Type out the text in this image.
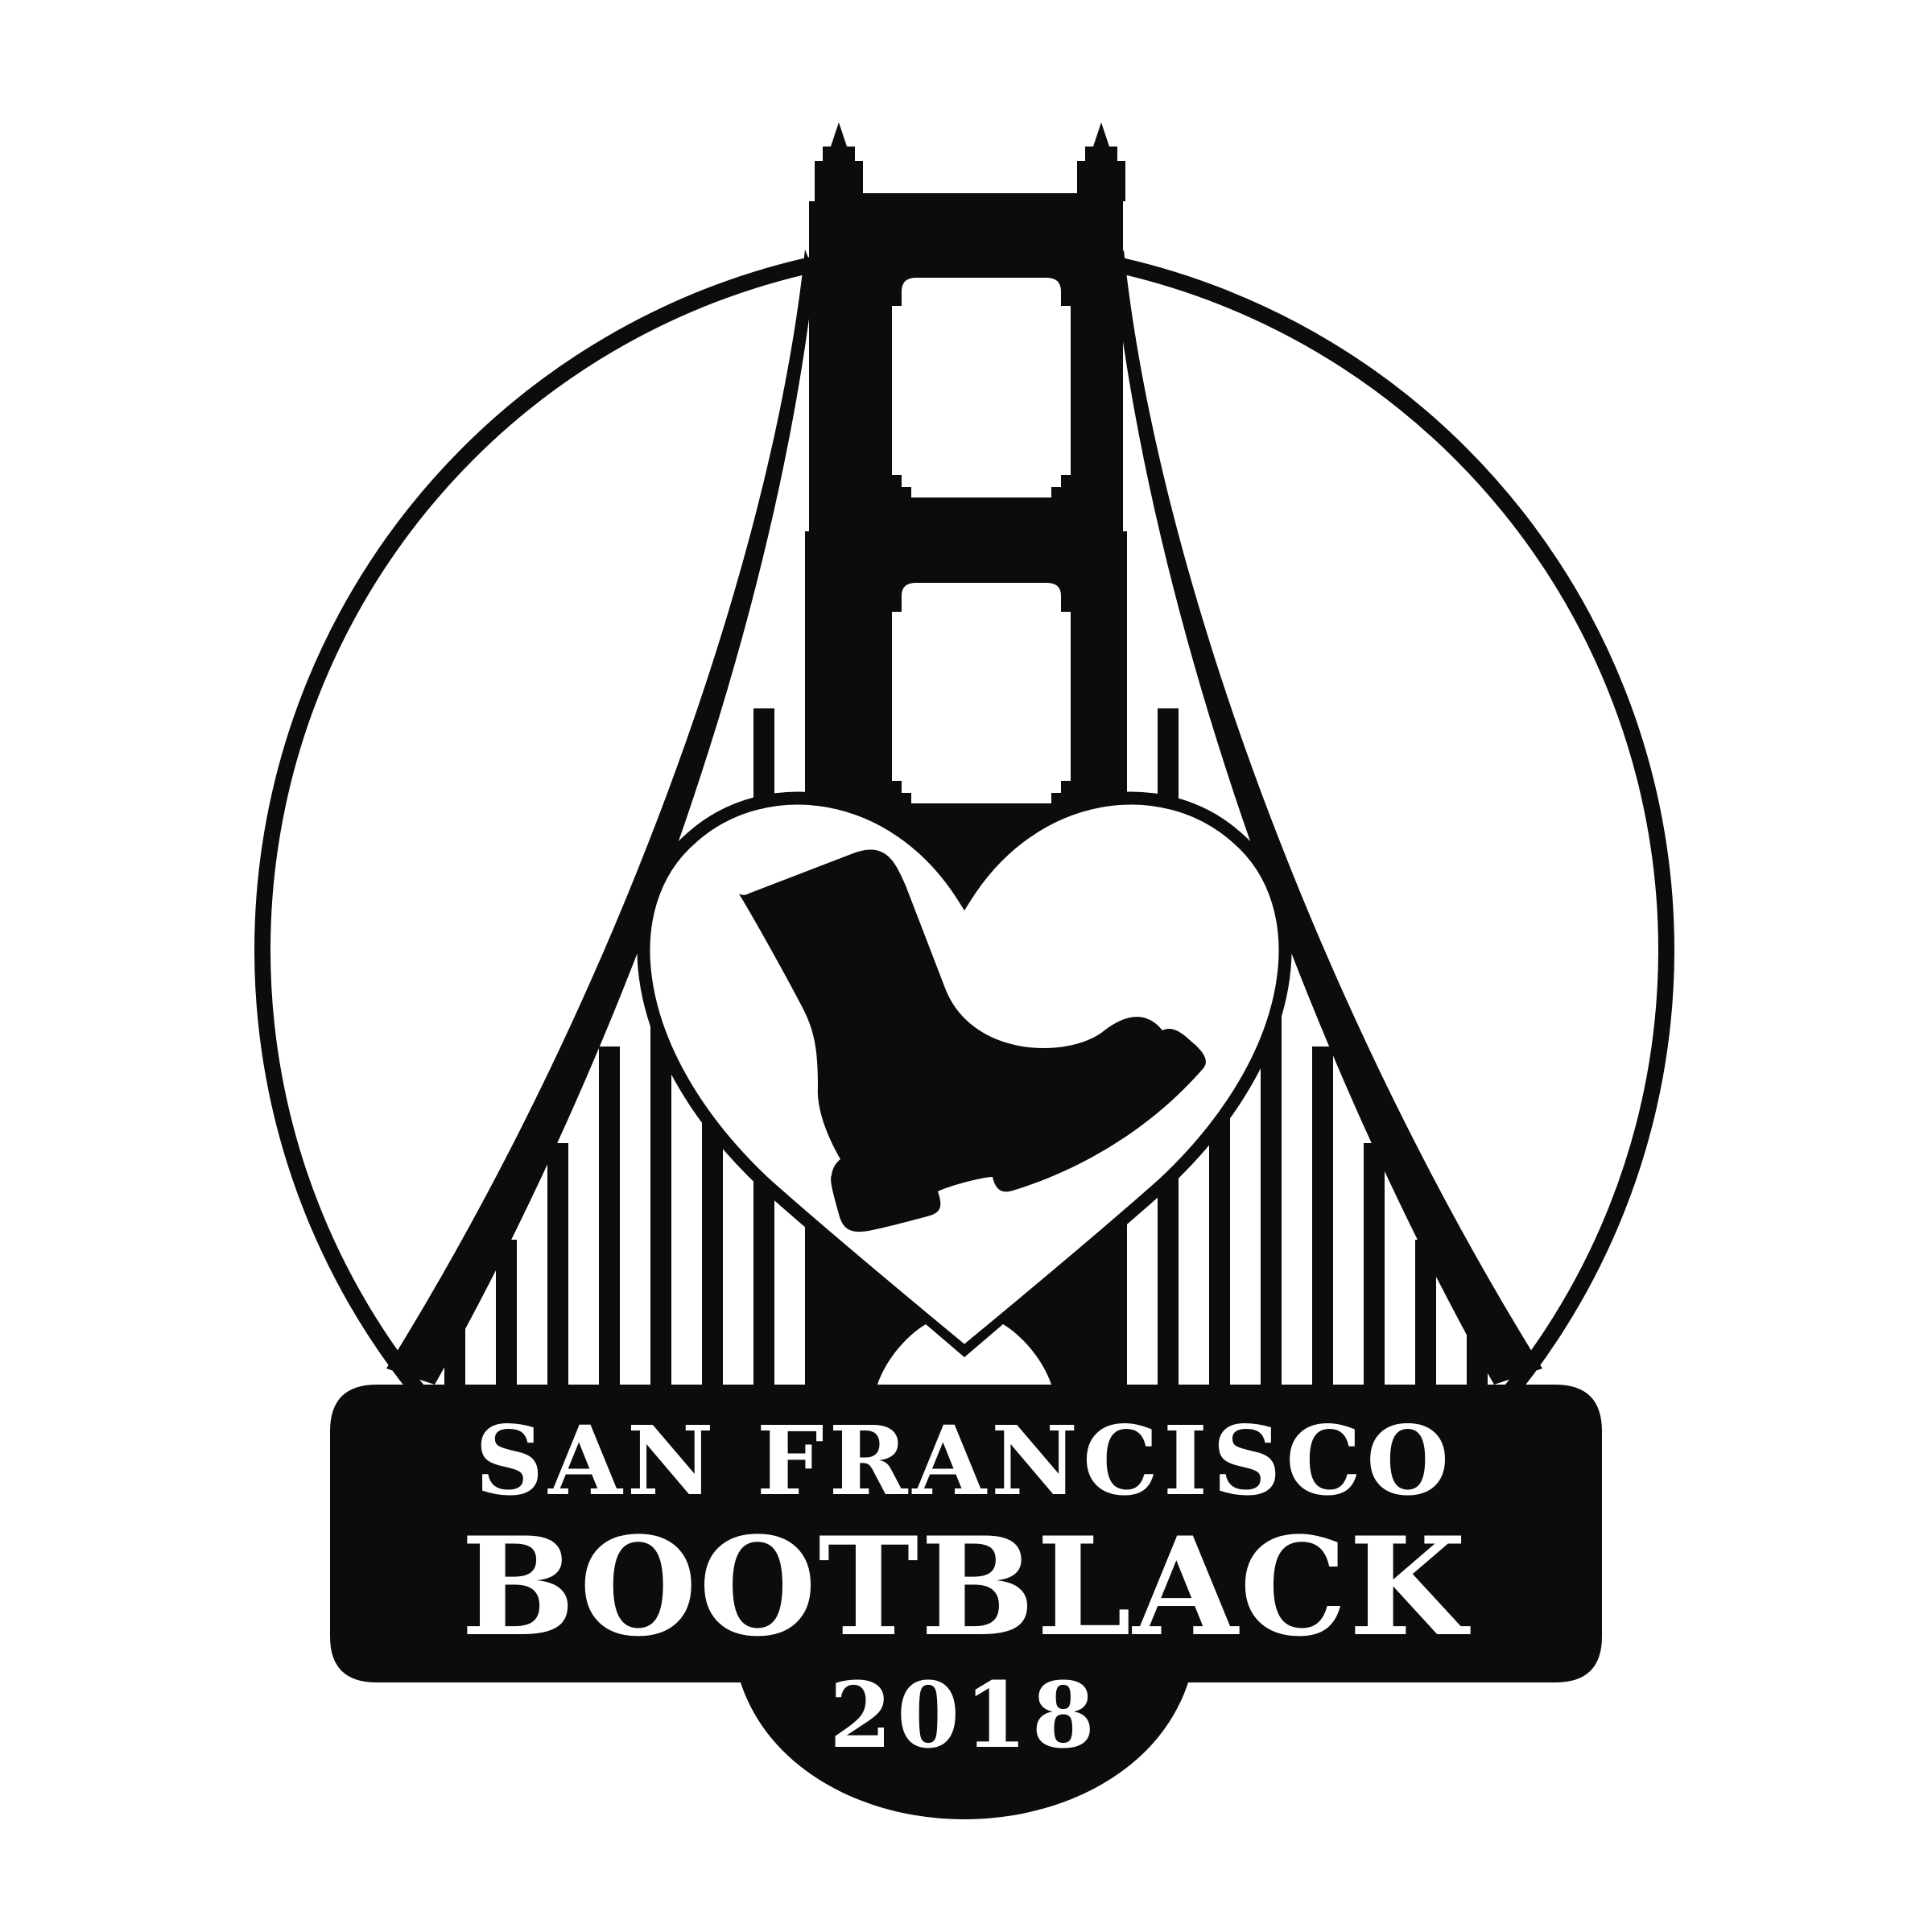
SAN FRANCISCO
BOOTBLACK
2018
